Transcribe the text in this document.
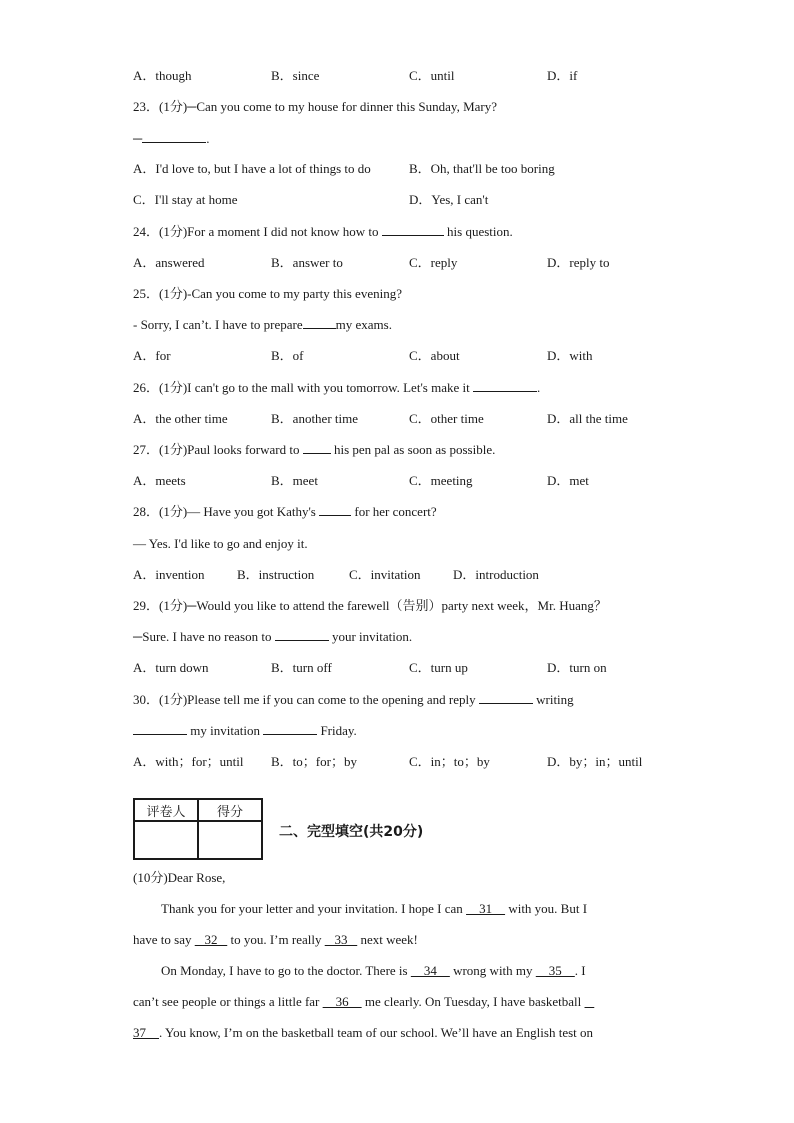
A．though	B．since	C．until	D．if
23．(1分)─Can you come to my house for dinner this Sunday, Mary?
─	.
A．I'd love to, but I have a lot of things to do	B．Oh, that'll be too boring
C．I'll stay at home	D．Yes, I can't
24．(1分)For a moment I did not know how to	his question.
A．answered	B．answer to	C．reply	D．reply to
25．(1分)-Can you come to my party this evening?
- Sorry, I can’t. I have to prepare	my exams.
A．for	B．of	C．about	D．with
26．(1分)I can't go to the mall with you tomorrow. Let's make it	.
A．the other time	B．another time	C．other time	D．all the time
27．(1分)Paul looks forward to  his pen pal as soon as possible.
A．meets	B．meet	C．meeting	D．met
28．(1分)— Have you got Kathy's  for her concert?
— Yes. I'd like to go and enjoy it.
A．invention	B．instruction	C．invitation D．introduction
29．(1分)─Would you like to attend the farewell（告别）party next week，Mr. Huang？
─Sure. I have no reason to	your invitation.
A．turn down	B．turn off	C．turn up	D．turn on
30．(1分)Please tell me if you can come to the opening and reply	writing
my invitation	Friday.
A．with；for；until B．to；for；by	C．in；to；by	D．by；in；until
评卷人	得分

二、完型填空(共20分)
(10分)Dear Rose,
Thank you for your letter and your invitation. I hope I can     31     with you. But I
have to say    32    to you. I’m really    33    next week!
On Monday, I have to go to the doctor. There is     34     wrong with my     35    . I
can’t see people or things a little far     36     me clearly. On Tuesday, I have basketball
37    . You know, I’m on the basketball team of our school. We’ll have an English test on
